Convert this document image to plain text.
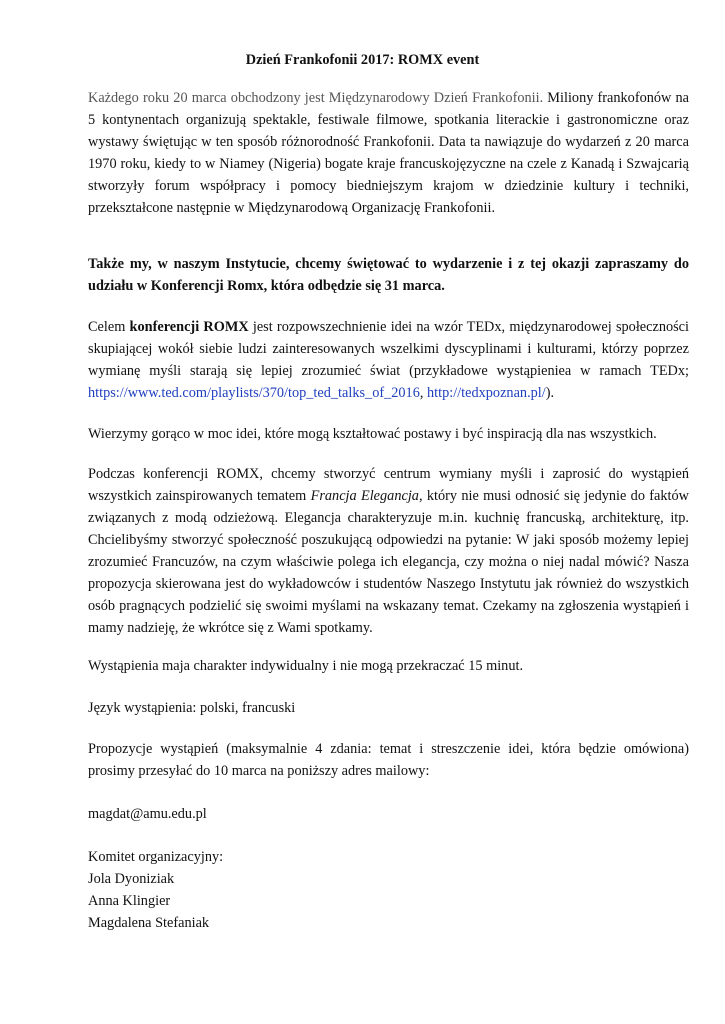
Dzień Frankofonii 2017: ROMX event

Każdego roku 20 marca obchodzony jest Międzynarodowy Dzień Frankofonii. Miliony frankofonów na 5 kontynentach organizują spektakle, festiwale filmowe, spotkania literackie i gastronomiczne oraz wystawy świętując w ten sposób różnorodność Frankofonii. Data ta nawiązuje do wydarzeń z 20 marca 1970 roku, kiedy to w Niamey (Nigeria) bogate kraje francuskojęzyczne na czele z Kanadą i Szwajcarią stworzyły forum współpracy i pomocy biedniejszym krajom w dziedzinie kultury i techniki, przekształcone następnie w Międzynarodową Organizację Frankofonii.

Także my, w naszym Instytucie, chcemy świętować to wydarzenie i z tej okazji zapraszamy do udziału w Konferencji Romx, która odbędzie się 31 marca.

Celem konferencji ROMX jest rozpowszechnienie idei na wzór TEDx, międzynarodowej społeczności skupiającej wokół siebie ludzi zainteresowanych wszelkimi dyscyplinami i kulturami, którzy poprzez wymianę myśli starają się lepiej zrozumieć świat (przykładowe wystąpieniea w ramach TEDx; https://www.ted.com/playlists/370/top_ted_talks_of_2016, http://tedxpoznan.pl/).

Wierzymy gorąco w moc idei, które mogą kształtować postawy i być inspiracją dla nas wszystkich.

Podczas konferencji ROMX, chcemy stworzyć centrum wymiany myśli i zaprosić do wystąpień wszystkich zainspirowanych tematem Francja Elegancja, który nie musi odnosić się jedynie do faktów związanych z modą odzieżową. Elegancja charakteryzuje m.in. kuchnię francuską, architekturę, itp. Chcielibyśmy stworzyć społeczność poszukującą odpowiedzi na pytanie: W jaki sposób możemy lepiej zrozumieć Francuzów, na czym właściwie polega ich elegancja, czy można o niej nadal mówić? Nasza propozycja skierowana jest do wykładowców i studentów Naszego Instytutu jak również do wszystkich osób pragnących podzielić się swoimi myślami na wskazany temat. Czekamy na zgłoszenia wystąpień i mamy nadzieję, że wkrótce się z Wami spotkamy.

Wystąpienia maja charakter indywidualny i nie mogą przekraczać 15 minut.

Język wystąpienia: polski, francuski

Propozycje wystąpień (maksymalnie 4 zdania: temat i streszczenie idei, która będzie omówiona) prosimy przesyłać do 10 marca na poniższy adres mailowy:

magdat@amu.edu.pl

Komitet organizacyjny:
Jola Dyoniziak
Anna Klingier
Magdalena Stefaniak
